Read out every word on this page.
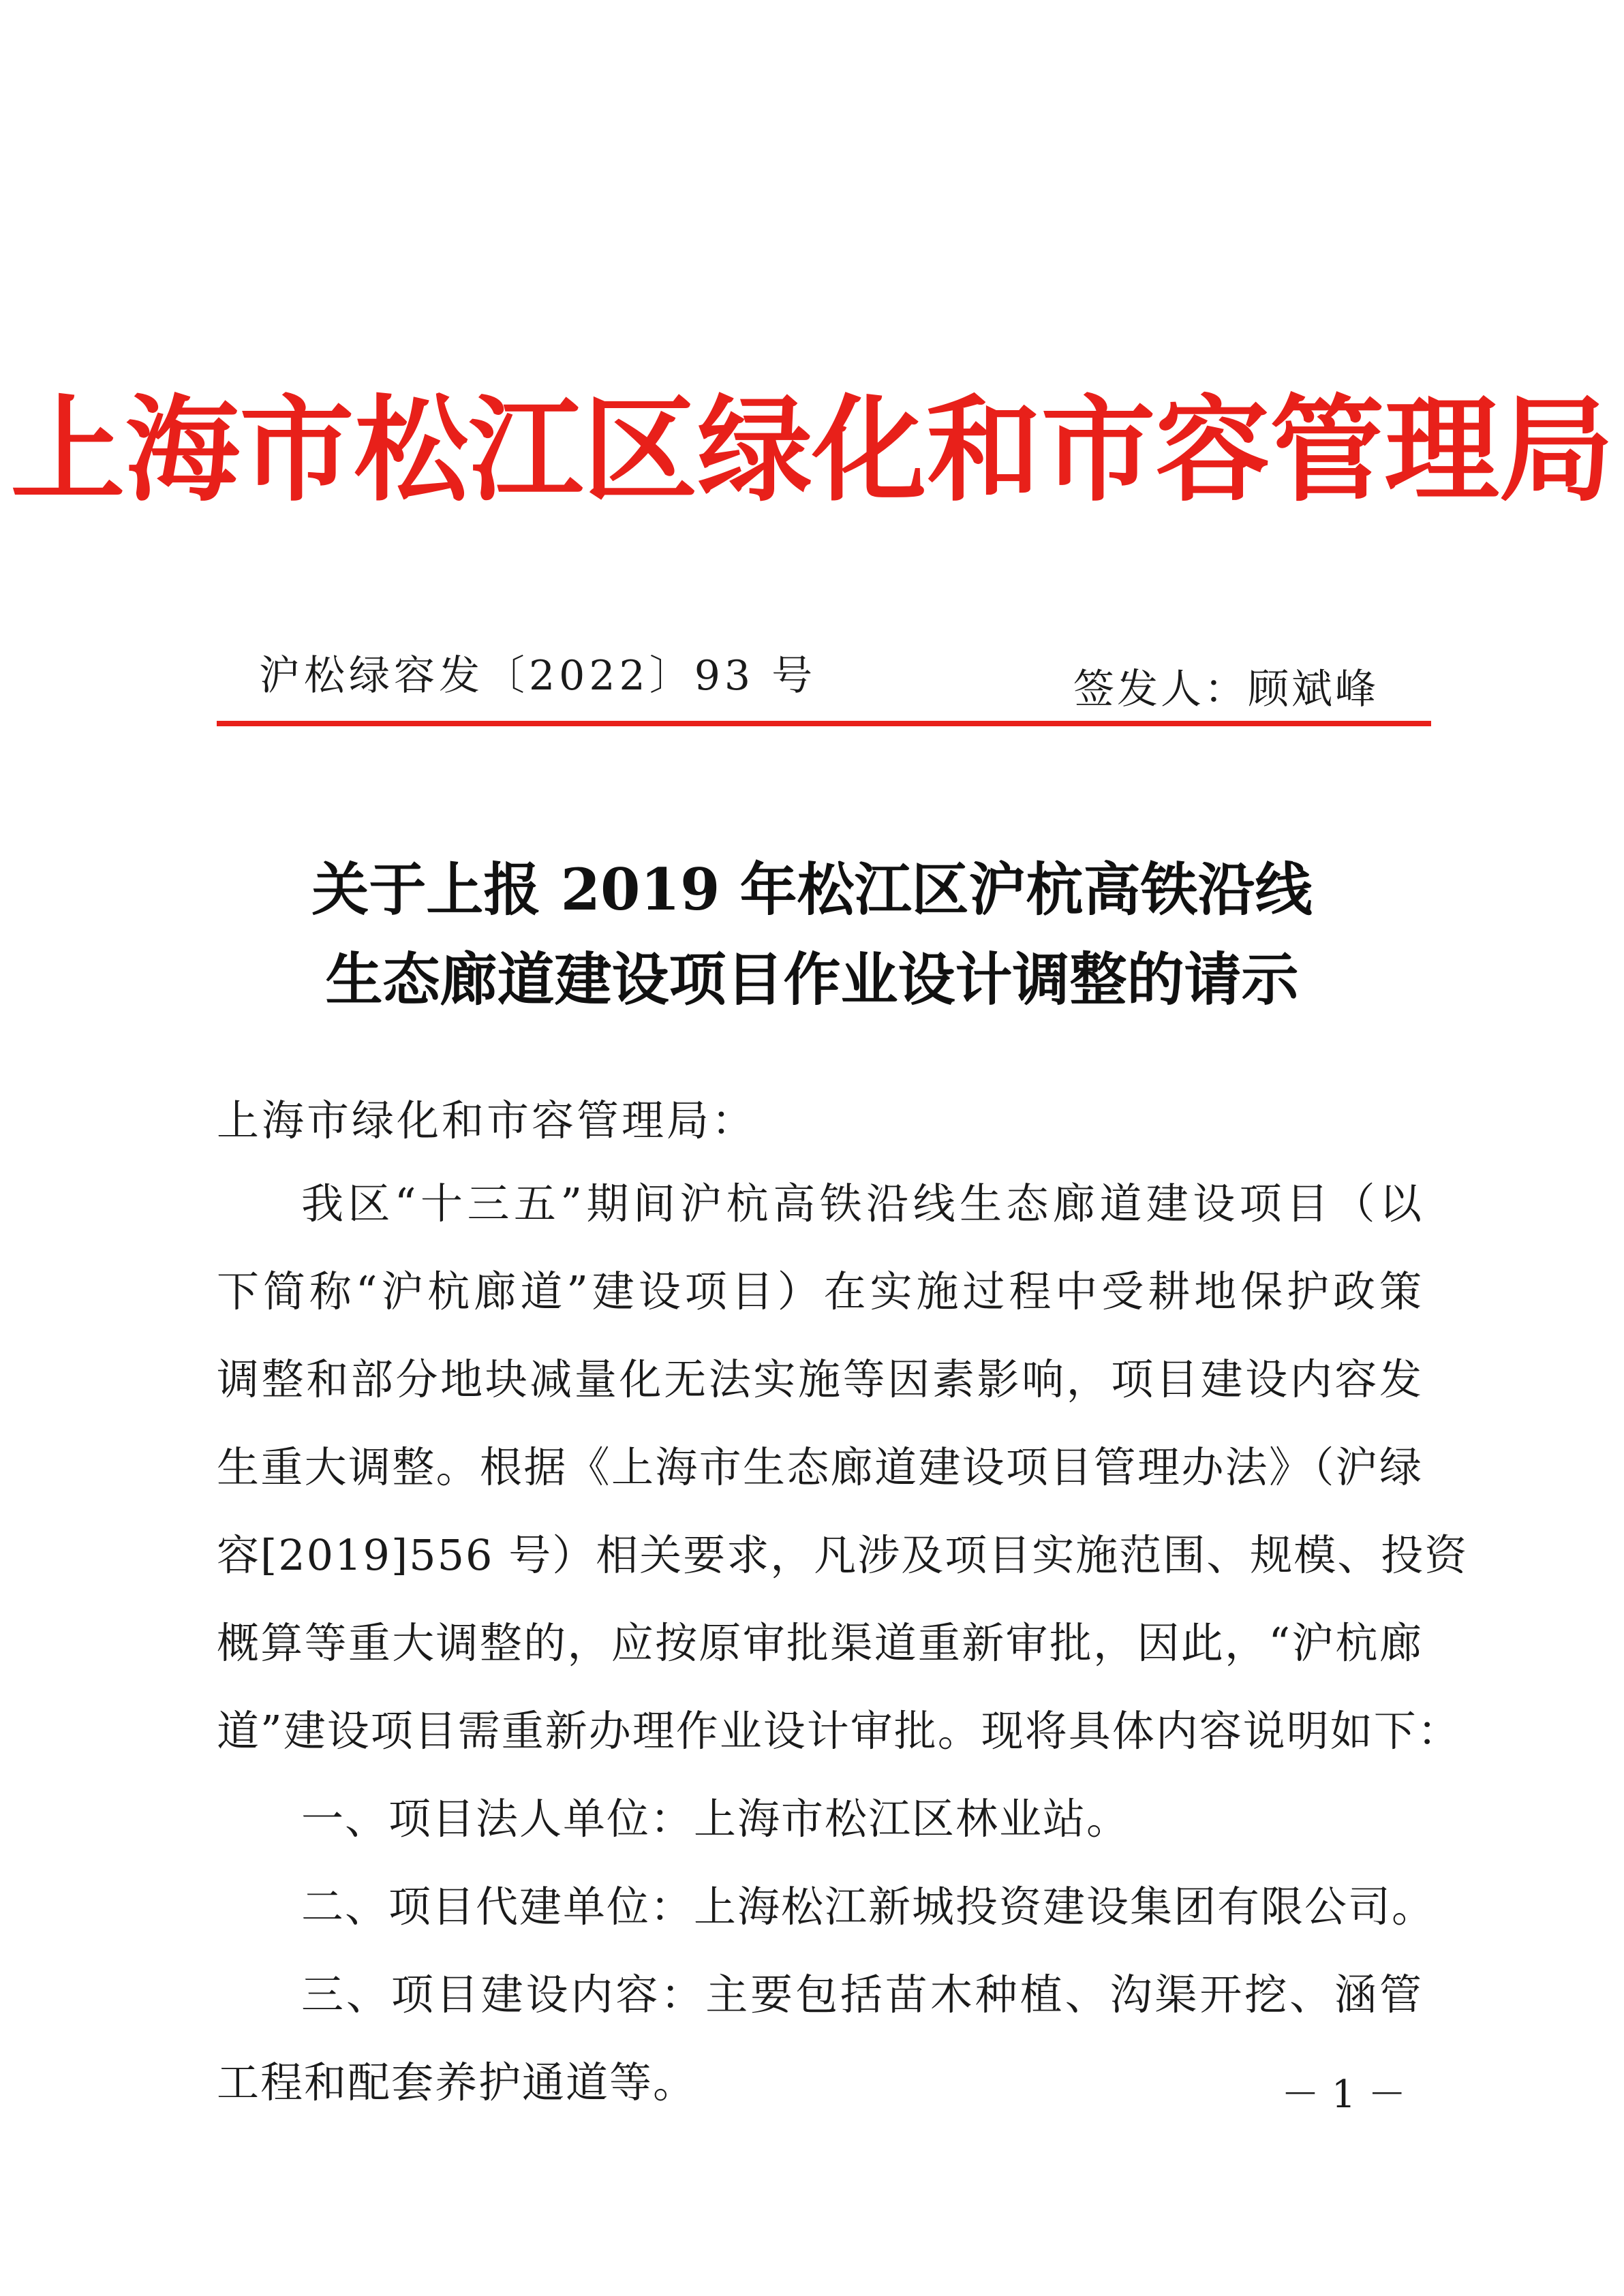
上海市松江区绿化和市容管理局
沪松绿容发〔2022〕93 号	签发人：顾斌峰
关于上报 2019 年松江区沪杭高铁沿线
生态廊道建设项目作业设计调整的请示
上海市绿化和市容管理局：
我区“十三五”期间沪杭高铁沿线生态廊道建设项目（以
下简称“沪杭廊道”建设项目）在实施过程中受耕地保护政策
调整和部分地块减量化无法实施等因素影响，项目建设内容发
生重大调整。根据《上海市生态廊道建设项目管理办法》（沪绿
容[2019]556 号）相关要求，凡涉及项目实施范围、规模、投资
概算等重大调整的，应按原审批渠道重新审批，因此，“沪杭廊
道”建设项目需重新办理作业设计审批。现将具体内容说明如下：
一、项目法人单位：上海市松江区林业站。
二、项目代建单位：上海松江新城投资建设集团有限公司。
三、项目建设内容：主要包括苗木种植、沟渠开挖、涵管
工程和配套养护通道等。	－ 1 －
